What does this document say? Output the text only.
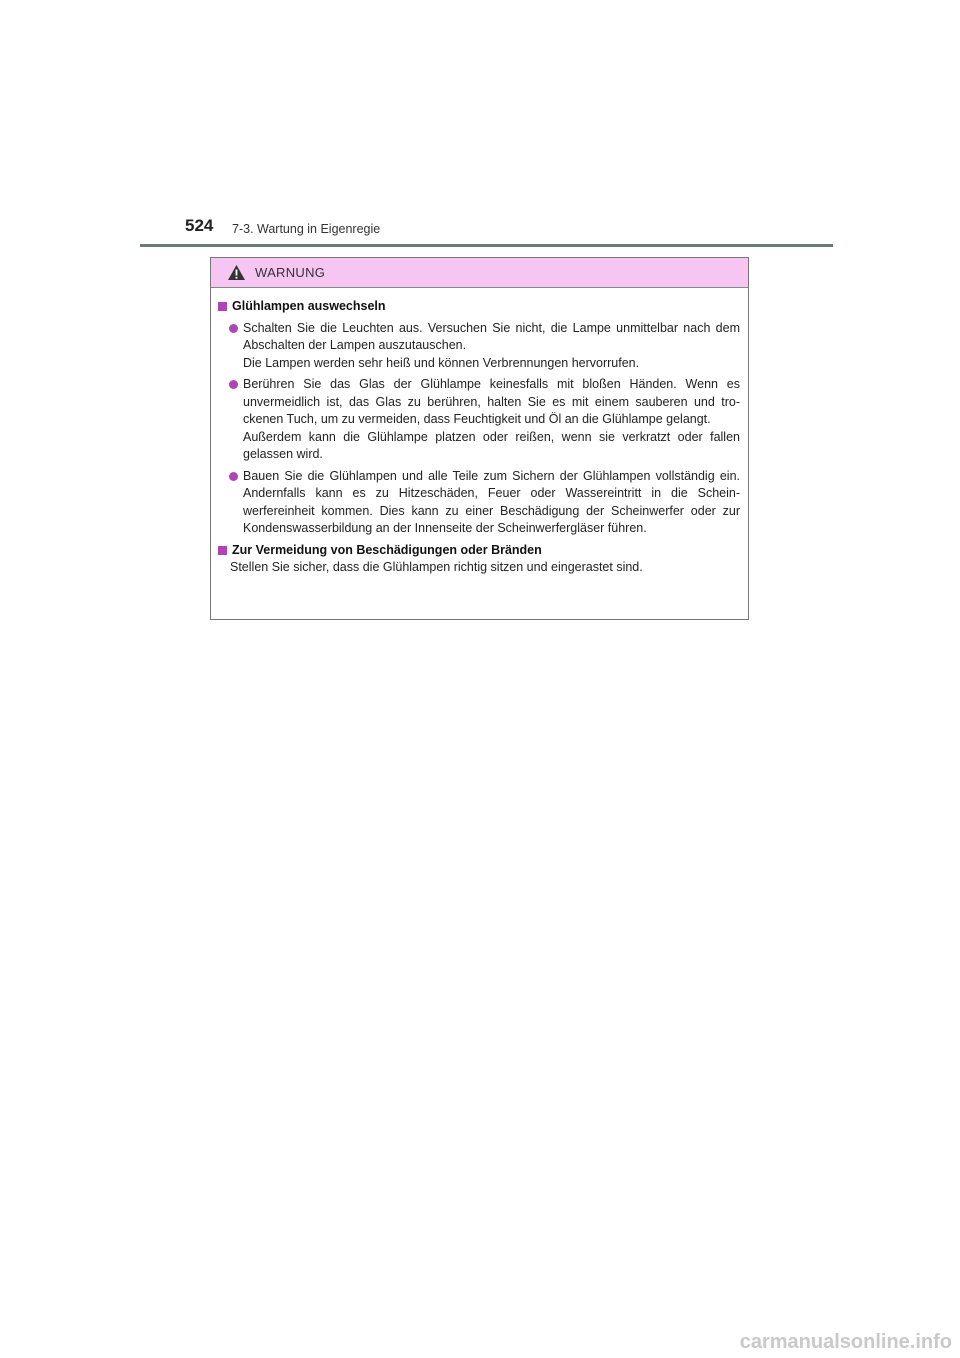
524 7-3. Wartung in Eigenregie
WARNUNG
Glühlampen auswechseln

Schalten Sie die Leuchten aus. Versuchen Sie nicht, die Lampe unmittelbar nach dem Abschalten der Lampen auszutauschen.

Die Lampen werden sehr heiß und können Verbrennungen hervorrufen.

Berühren Sie das Glas der Glühlampe keinesfalls mit bloßen Händen. Wenn es unvermeidlich ist, das Glas zu berühren, halten Sie es mit einem sauberen und tro-ckenen Tuch, um zu vermeiden, dass Feuchtigkeit und Öl an die Glühlampe gelangt.

Außerdem kann die Glühlampe platzen oder reißen, wenn sie verkratzt oder fallen gelassen wird.

Bauen Sie die Glühlampen und alle Teile zum Sichern der Glühlampen vollständig ein. Andernfalls kann es zu Hitzeschäden, Feuer oder Wassereintritt in die Schein-werfereinheit kommen. Dies kann zu einer Beschädigung der Scheinwerfer oder zur Kondenswasserbildung an der Innenseite der Scheinwerfergläser führen.

Zur Vermeidung von Beschädigungen oder Bränden
Stellen Sie sicher, dass die Glühlampen richtig sitzen und eingerastet sind.
carmanualsonline.info
